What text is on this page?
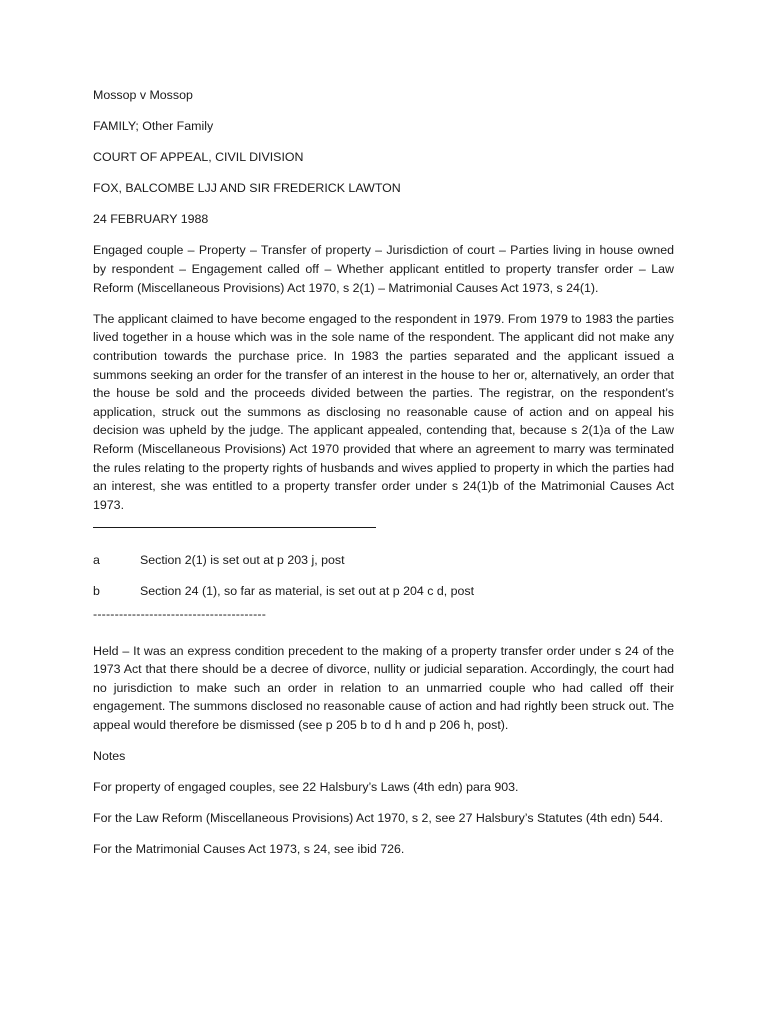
Mossop v Mossop

FAMILY; Other Family

COURT OF APPEAL, CIVIL DIVISION

FOX, BALCOMBE LJJ AND SIR FREDERICK LAWTON

24 FEBRUARY 1988

Engaged couple – Property – Transfer of property – Jurisdiction of court – Parties living in house owned by respondent – Engagement called off – Whether applicant entitled to property transfer order – Law Reform (Miscellaneous Provisions) Act 1970, s 2(1) – Matrimonial Causes Act 1973, s 24(1).

The applicant claimed to have become engaged to the respondent in 1979. From 1979 to 1983 the parties lived together in a house which was in the sole name of the respondent. The applicant did not make any contribution towards the purchase price. In 1983 the parties separated and the applicant issued a summons seeking an order for the transfer of an interest in the house to her or, alternatively, an order that the house be sold and the proceeds divided between the parties. The registrar, on the respondent’s application, struck out the summons as disclosing no reasonable cause of action and on appeal his decision was upheld by the judge. The applicant appealed, contending that, because s 2(1)a of the Law Reform (Miscellaneous Provisions) Act 1970 provided that where an agreement to marry was terminated the rules relating to the property rights of husbands and wives applied to property in which the parties had an interest, she was entitled to a property transfer order under s 24(1)b of the Matrimonial Causes Act 1973.

a	Section 2(1) is set out at p 203 j, post
b	Section 24 (1), so far as material, is set out at p 204 c d, post
----------------------------------------

Held – It was an express condition precedent to the making of a property transfer order under s 24 of the 1973 Act that there should be a decree of divorce, nullity or judicial separation. Accordingly, the court had no jurisdiction to make such an order in relation to an unmarried couple who had called off their engagement. The summons disclosed no reasonable cause of action and had rightly been struck out. The appeal would therefore be dismissed (see p 205 b to d h and p 206 h, post).

Notes

For property of engaged couples, see 22 Halsbury’s Laws (4th edn) para 903.

For the Law Reform (Miscellaneous Provisions) Act 1970, s 2, see 27 Halsbury’s Statutes (4th edn) 544.

For the Matrimonial Causes Act 1973, s 24, see ibid 726.
